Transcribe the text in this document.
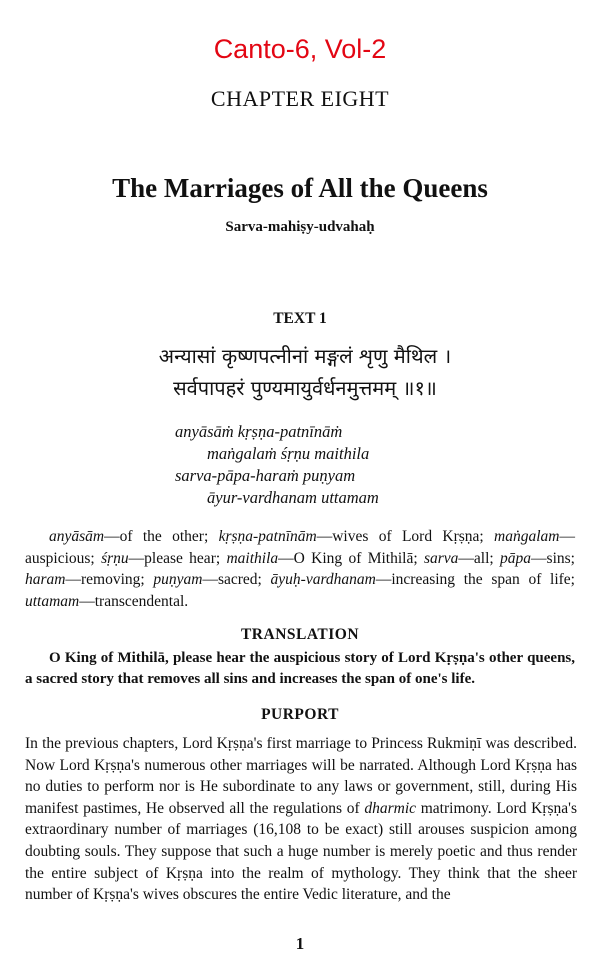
Canto-6, Vol-2
CHAPTER EIGHT
The Marriages of All the Queens
Sarva-mahiṣy-udvahaḥ
TEXT 1
अन्यासां कृष्णपत्नीनां मङ्गलं शृणु मैथिल ।
सर्वपापहरं पुण्यमायुर्वर्धनमुत्तमम् ॥१॥
anyāsāṁ kṛṣṇa-patnīnāṁ
maṅgalaṁ śṛṇu maithila
sarva-pāpa-haraṁ puṇyam
āyur-vardhanam uttamam
anyāsām—of the other; kṛṣṇa-patnīnām—wives of Lord Kṛṣṇa; maṅgalam—auspicious; śṛṇu—please hear; maithila—O King of Mithilā; sarva—all; pāpa—sins; haram—removing; puṇyam—sacred; āyuḥ-vardhanam—increasing the span of life; uttamam—transcendental.
TRANSLATION
O King of Mithilā, please hear the auspicious story of Lord Kṛṣṇa's other queens, a sacred story that removes all sins and increases the span of one's life.
PURPORT
In the previous chapters, Lord Kṛṣṇa's first marriage to Princess Rukmiṇī was described. Now Lord Kṛṣṇa's numerous other marriages will be narrated. Although Lord Kṛṣṇa has no duties to perform nor is He subordinate to any laws or government, still, during His manifest pastimes, He observed all the regulations of dharmic matrimony. Lord Kṛṣṇa's extraordinary number of marriages (16,108 to be exact) still arouses suspicion among doubting souls. They suppose that such a huge number is merely poetic and thus render the entire subject of Kṛṣṇa into the realm of mythology. They think that the sheer number of Kṛṣṇa's wives obscures the entire Vedic literature, and the
1
